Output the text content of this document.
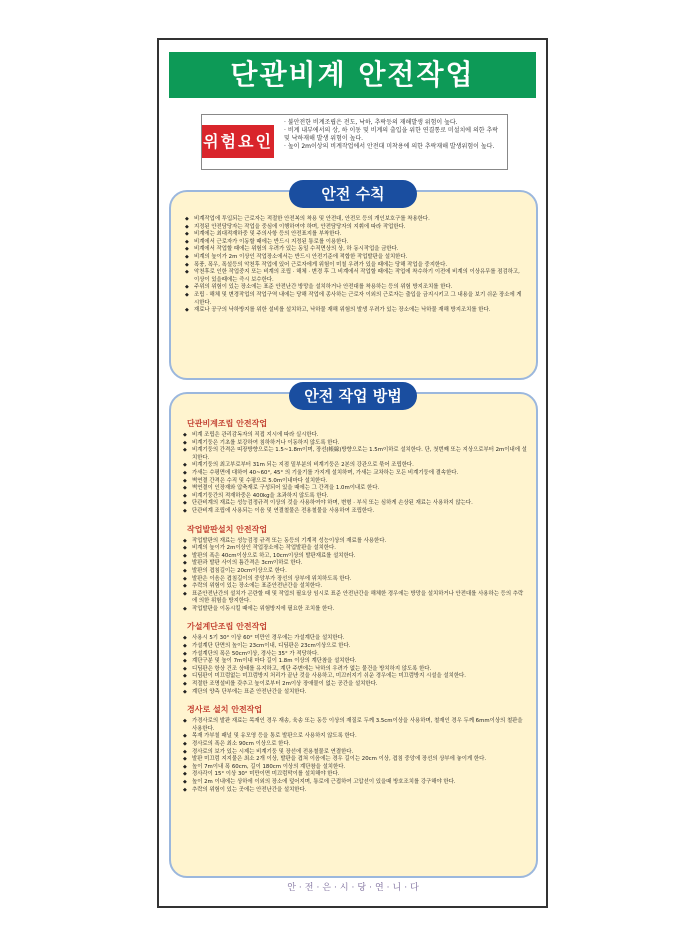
단관비계 안전작업
위험요인
· 불안전한 비계조립은 전도, 낙하, 추락등의 재해발생 위험이 높다.
· 비계 내부에서의 상, 하 이동 및 비계의 출입을 위한 연결통로 미설치에 의한 추락 및 낙하재해 발생 위험이 높다.
· 높이 2m이상의 비계작업에서 안전대 미착용에 의한 추락재해 발생위험이 높다.
안전 수칙
◆ 비계작업에 투입되는 근로자는 적절한 안전복의 착용 및 안전대, 안전모 등의 개인보호구를 착용한다.
◆ 지정된 안전담당자는 작업을 중심에 이행하여야 하며, 안전담당자의 지휘에 따라 작업한다.
◆ 비계에는 최대적재하중 및 주의사항 등의 안전표지를 부착한다.
◆ 비계에서 근로자가 이동할 때에는 반드시 지정된 통로를 이용한다.
◆ 비계에서 작업할 때에는 위험의 우려가 있는 동일 수직면상의 상, 하 동시작업을 금한다.
◆ 비계의 높이가 2m 이상인 작업장소에서는 반드시 안전기준에 적합한 작업발판을 설치한다.
◆ 폭풍, 폭우, 폭설등의 악천후 작업에 있어 근로자에게 위험이 미칠 우려가 있을 때에는 당해 작업을 중지한다.
◆ 악천후로 인한 작업중지 또는 비계의 조립 · 해체 · 변경 후 그 비계에서 작업할 때에는 작업에 착수하기 이전에 비계의 이상유무를 점검하고, 이상이 있을때에는 즉시 보수한다.
◆ 주위의 위험이 있는 장소에는 표준 안전난간 방망을 설치하거나 안전대를 착용하는 등의 위험 방지조치를 한다.
◆ 조립 · 해체 및 변경작업의 작업구역 내에는 당해 작업에 종사하는 근로자 이외의 근로자는 출입을 금지시키고 그 내용을 보기 쉬운 장소에 게시한다.
◆ 재료나 공구의 낙하방지를 위한 설비를 설치하고, 낙하물 재해 위험의 발생 우려가 있는 장소에는 낙하물 재해 방지조치를 한다.
안전 작업 방법
단관비계조립 안전작업
◆ 비계 조립은 관리감독자의 직접 지시에 따라 실시한다.
◆ 비계기둥은 기초를 보강하여 침하하거나 이동하지 않도록 한다.
◆ 비계기둥의 간격은 띠장방향으로는 1.5~1.8m이며, 장선(帳線)방향으로는 1.5m이하로 설치한다. 단, 첫번째 또는 지상으로부터 2m이내에 설치한다.
◆ 비계기둥의 최고부로부터 31m 되는 지점 밑부분의 비계기둥은 2본의 강관으로 묶어 조립한다.
◆ 가새는 수평면에 대하여 40~60°, 45° 의 기울기를 가지게 설치하며, 가새는 교차하는 모든 비계기둥에 결속한다.
◆ 벽연결 간격은 수직 및 수평으로 5.0m이내마다 설치한다.
◆ 벽연결이 인장재와 압축재로 구성되어 있을 때에는 그 간격을 1.0m이내로 한다.
◆ 비계기둥간의 적재하중은 400kg을 초과하지 않도록 한다.
◆ 단관비계의 재료는 성능검정규격 이상의 것을 사용하여야 하며, 변형 · 부식 또는 심하게 손상된 재료는 사용하지 않는다.
◆ 단관비계 조립에 사용되는 이음 및 연결철물은 전용철물을 사용하여 조립한다.
작업발판설치 안전작업
◆ 작업발판의 재료는 성능검정 규격 또는 동등의 기계적 성능이상의 재료를 사용한다.
◆ 비계의 높이가 2m이상인 작업장소에는 작업발판을 설치한다.
◆ 발판의 폭은 40cm이상으로 하고, 10cm이상의 발판재료를 설치한다.
◆ 발판과 발판 사이의 틈간격은 3cm이하로 한다.
◆ 발판의 겹침길이는 20cm이상으로 한다.
◆ 발판은 이음은 겹침길이의 중앙부가 장선의 상부에 위치하도록 한다.
◆ 추락의 위험이 있는 장소에는 표준안전난간을 설치한다.
◆ 표준안전난간의 설치가 곤란할 때 및 작업의 필요상 임시로 표준 안전난간을 해체한 경우에는 방망을 설치하거나 안전대를 사용하는 등의 추락에 의한 위험을 방지한다.
◆ 작업발판을 이동시킬 때에는 위험방지에 필요한 조치를 한다.
가설계단조립 안전작업
◆ 사용시 5기 30° 이상 60° 미만인 경우에는 가설계단을 설치한다.
◆ 가설계단 단면의 높이는 23cm이내, 디딤판은 23cm이상으로 한다.
◆ 가설계단의 폭은 50cm이상, 경사는 35° 가 적당하다.
◆ 계단구분 및 높이 7m이내 마다 길이 1.8m 이상의 계단참을 설치한다.
◆ 디딤판은 항상 건조 상태를 유지하고, 계단 주변에는 낙하의 우려가 없는 물건을 방치하지 않도록 한다.
◆ 디딤판이 미끄럼없는 미끄럼방지 처리가 끝난 것을 사용하고, 미끄러지기 쉬운 경우에는 미끄럼방지 시설을 설치한다.
◆ 적절한 조명설비를 갖추고 높이로부터 2m이상 장애물이 없는 공간을 설치한다.
◆ 계단의 양측 단부에는 표준 안전난간을 설치한다.
경사로 설치 안전작업
◆ 가경사로의 발판 재료는 목재인 경우 재송, 육송 또는 동등 이상의 재질로 두께 3.5cm이상을 사용하며, 철재인 경우 두께 6mm이상의 철판을 사용한다.
◆ 목재 가부칠 패널 및 유모영 등을 통로 발판으로 사용하지 않도록 한다.
◆ 경사로의 폭은 최소 90cm 이상으로 한다.
◆ 경사로의 보가 있는 시제는 비계기둥 및 장선에 전용철물로 연결한다.
◆ 발판 미끄럼 지지물은 최소 2개 이상, 발판을 겹쳐 이음에는 경우 길이는 20cm 이상, 겹침 중앙에 장선의 상부에 놓이게 한다.
◆ 높이 7m이내 폭 60cm, 길이 180cm 이상의 계단참을 설치한다.
◆ 경사각이 15° 이상 30° 미만이면 미끄럼막이를 설치해야 한다.
◆ 높이 2m 이내에는 상하에 이외의 장소에 덮어지며, 통로에 근접하여 고압선이 있을때 방호조치를 강구해야 한다.
◆ 추락의 위험이 있는 곳에는 안전난간을 설치한다.
안·전·은·시·당·연·니·다
